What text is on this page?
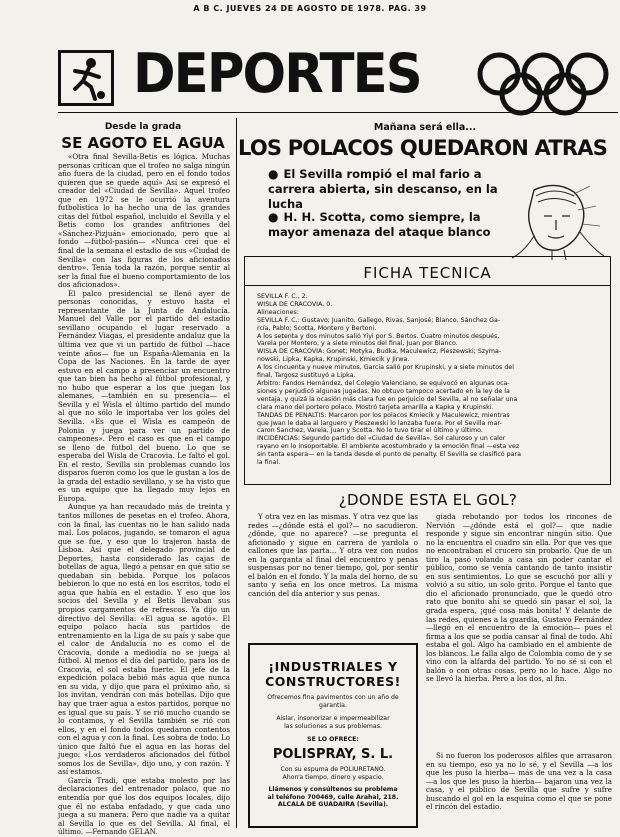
A B C. JUEVES 24 DE AGOSTO DE 1978. PAG. 39
DEPORTES
Desde la grada
SE AGOTO EL AGUA

«Otra final Sevilla-Betis es lógica. Muchas personas critican que el trofeo no salga ningún año fuera de la ciudad, pero en el fondo todos quieren que se quede aquí» Así se expresó el creador del «Ciudad de Sevilla». Aquel trofeo que en 1972 se le ocurrió la aventura futbolística lo ha hecho una de las grandes citas del fútbol español, incluido el Sevilla y el Betis como los grandes anfitriones del «Sánchez-Pizjuán» emocionado, pero que al fondo —fútbol-pasión— «Nunca creí que el final de la semana el estadio de sus «Ciudad de Sevilla» con las figuras de los aficionados dentro». Tenía toda la razón, porque sentir al ser la final fue el bueno comportamiento de los dos aficionados».

El palco presidencial se llenó ayer de personas conocidas, y estuvo hasta el representante de la Junta de Andalucía. Manuel del Valle por el partido del estadio sevillano ocupando el lugar reservado a Fernández Viagas, el presidente andaluz que la última vez que vi un partido de fútbol —hace veinte años— fue un España-Alemania en la Copa de las Naciones. En la tarde de ayer estuvo en el campo a presenciar un encuentro que tan bien ha hecho al fútbol profesional, y no hubo que esperar a los que juegan los alemanes, —también en su presencia— el Sevilla y el Wisla el último partido del mundo al que no sólo le importaba ver los goles del Sevilla. «Es que el Wisla es campeón de Polonia y juega para ver un partido de campeones». Pero el caso es que en el campo se lleno de fútbol del bueno. Lo que se esperaba del Wisla de Cracovia. Le faltó el gol. En el resto, Sevilla sin problemas cuando los disparos fueron como los que le gustan a los de la grada del estadio sevillano, y se ha visto que es un equipo que ha llegado muy lejos en Europa.

Aunque ya han recaudado más de treinta y tantos millones de pesetas en el trofeo. Ahora, con la final, las cuentas no le han salido nada mal. Los polacos, jugando, se tomaron el agua que se fue, y eso que lo trajeron hasta de Lisboa. Así que el delegado provincial de Deportes, hasta considerado las cajas de botellas de agua, llegó a pensar en qué sitio se quedaban sin bebida. Porque los polacos bebieron lo que no está en los escritos, todo el agua que había en el estadio. Y eso que los socios del Sevilla y el Betis llevaban sus propios cargamentos de refrescos. Ya dijo un directivo del Sevilla: «El agua se agotó». El equipo polaco hacía sus partidos de entrenamiento en la Liga de su país y sabe que el calor de Andalucía no es como el de Cracovia, donde a mediodía no se juega al fútbol. Al menos el día del partido, para los de Cracovia, el sol estaba fuerte. El jefe de la expedición polaca bebió más agua que nunca en su vida, y dijo que para el próximo año, si los invitan, vendrán con más botellas. Dijo que hay que traer agua a estos partidos, porque no es igual que su país. Y se rió mucho cuando se lo contamos, y el Sevilla también se rió con ellos, y en el fondo todos quedaron contentos con el agua y con la final. Les sobra de todo. Lo único que faltó fue el agua en las horas del juego: «Los verdaderos aficionados del fútbol somos los de Sevilla», dijo uno, y con razón. Y así estamos.

García Tradi, que estaba molesto por las declaraciones del entrenador polaco, que no entendía por qué los dos equipos locales, dijo que él no estaba enfadado, y que cada uno juega a su manera. Pero que nadie va a quitar al Sevilla lo que es del Sevilla. Al final, el último. —Fernando GELAN.

Mañana será ella...
LOS POLACOS QUEDARON ATRAS
● El Sevilla rompió el mal fario a carrera abierta, sin descanso, en la lucha
● H. H. Scotta, como siempre, la mayor amenaza del ataque blanco
FICHA TECNICA
SEVILLA F. C., 2.
WISLA DE CRACOVIA, 0.
Alineaciones:
SEVILLA F. C.: Gustavo; Juanito, Gallego, Rivas, Sanjosé; Blanco, Sánchez Ga-
rcía, Pablo; Scotta, Montero y Bertoni.
A los setenta y dos minutos salió Yiyi por S. Bertos. Cuatro minutos después,
Varela por Montero, y a siete minutos del final, Juan por Blanco.
WISLA DE CRACOVIA: Gonet; Motyka, Budka, Maculewicz, Pieszewski; Szyma-
nowski, Lipka, Kapka, Krupinski, Kmiecik y Jirwa.
A los cincuenta y nueve minutos, Garcia salió por Krupinski, y a siete minutos del
final, Targosz sustituyó a Lipka.
Arbitro: Fandos Hernández, del Colegio Valenciano, se equivocó en algunas oca-
siones y perjudicó algunas jugadas. No obtuvo tampoco acertado en la ley de la
ventaja, y quizá la ocasión más clara fue en perjuicio del Sevilla, al no señalar una
clara mano del portero polaco. Mostró tarjeta amarilla a Kapka y Krupinski.
TANDAS DE PENALTIS: Marcaron por los polacos Kmiecik y Maculewicz, mientras
que Jwan le daba al larguero y Pieszewski lo lanzaba fuera. Por el Sevilla mar-
caron Sanchez, Varela, Juan y Scotta. No lo tuvo tirar el último y último.
INCIDENCIAS: Segundo partido del «Ciudad de Sevilla». Sol caluroso y un calor
rayano en lo insoportable. El ambiente acostumbrado y la emoción final —esta vez
sin tanta espera— en la tanda desde el punto de penalty. El Sevilla se clasificó para
la final.
¿DONDE ESTA EL GOL?

Y otra vez en las mismas. Y otra vez que las redes —¿dónde está el gol?— no sacudieron. ¿dónde, que no aparece? —se pregunta el aficionado y sigue en carrera de yardola o callones que las parta... Y otra vez con nudos en la garganta al final del encuentro y penas suspensas por no tener tiempo, gol, por sentir el balón en el fondo. Y la mala del horno, de su santo y seña en los once metros. La misma canción del día anterior y sus penas.

giada rebotando por todos los rincones de Nervión —¿dónde está el gol?— que nadie responde y sigue sin encontrar ningún sitio. Que no la encuentra el cuadro sin ella. Por que ves que no encontraban el crucero sin probarlo. Que de un tiro la pasó volando a casa sin poder cantar el público, como se venía cantando de tanto insistir en sus sentimientos. Lo que se escuchó por allí y volvió a su sitio, un solo grito. Porque el tanto que dio el aficionado pronunciado, que le quedó otro rato que bonito ahí se quedó sin pasar el sol, la grada espera, ¡qué cosa más bonita! Y delante de las redes, quienes a la guardia, Gustavo Fernández —llegó en el encuentro de la emoción— pues el firma a los que se podía cansar al final de todo. Ahí estaba el gol. Algo ha cambiado en el ambiente de los blancos. Le falla algo de Colombia como de y se vino con la alfarda del partido. Yo no sé si con el balón o con otras cosas, pero no lo hace. Algo no se llevó la hierba. Pero a los dos, al fin.

Si no fueron los poderosos alfiles que arrasaron en su tiempo, eso ya no lo sé, y el Sevilla —a los que les puso la hierba— más de una vez a la casa —a los que les puso la hierba— bajaron una vez la casa, y el público de Sevilla que sufre y sufre buscando el gol en la esquina como el que se pone el rincón del estadio.

¡INDUSTRIALES Y
CONSTRUCTORES!
Ofrecemos fina pavimentos con un año de garantía.
Aislar, insonorizar e impermeabilizar
las soluciones a sus problemas.
SE LO OFRECE:
POLISPRAY, S. L.
Con su espuma de POLIURETANO.
Ahorra tiempo, dinero y espacio.
Llámenos y consúltenos su problema
al teléfono 700469, calle Arahal, 218.
ALCALA DE GUADAIRA (Sevilla).
